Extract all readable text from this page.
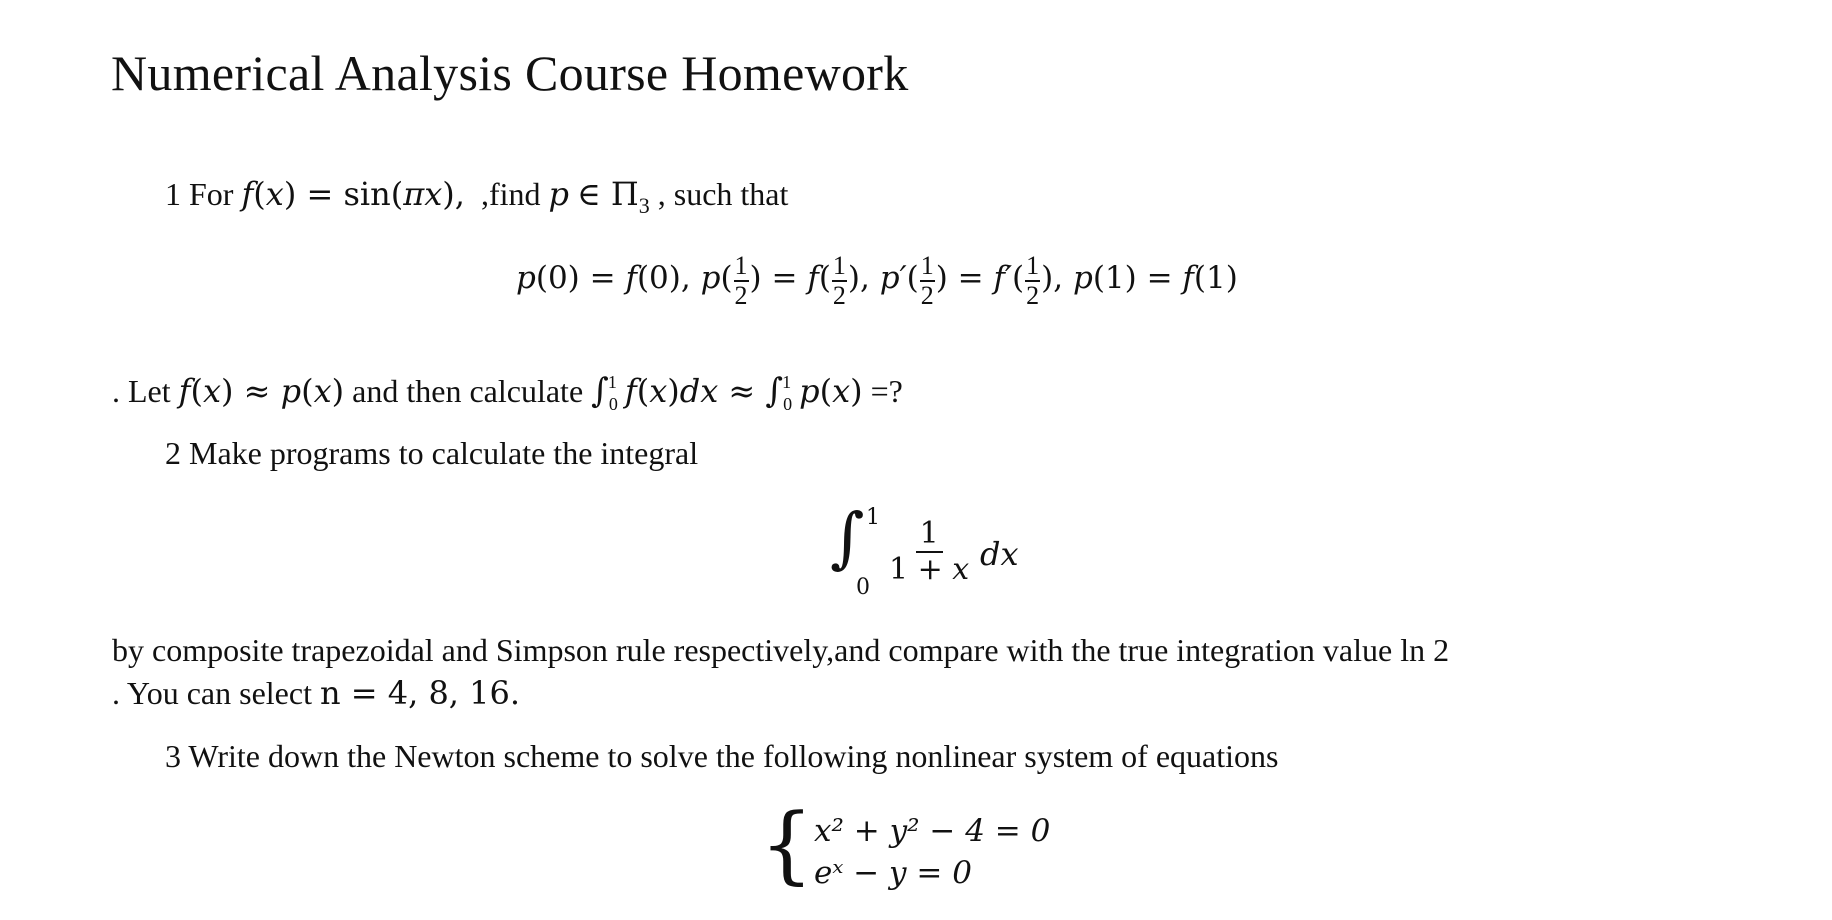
Numerical Analysis Course Homework
1 For f(x) = sin(πx), ,find p ∈ $\Pi_3$ , such that
p(0) = f(0), $p( \frac{1}{2}$ ) = $f( \frac{1}{2}$ ), $p'( \frac{1}{2}$ ) = $f'( \frac{1}{2}$ ), p(1) = f(1)
. Let f(x) ≈ p(x) and then calculate $\int_0^1$ $f(x)dx \approx \int_0^1$ p(x) =?
2 Make programs to calculate the integral
∫ 1
0
$\frac{1}{1 + x}$ dx
by composite trapezoidal and Simpson rule respectively,and compare with the true integration value ln 2
. You can select n = 4, 8, 16.
3 Write down the Newton scheme to solve the following nonlinear system of equations
{ x² + y² − 4 = 0
eˣ − y = 0
